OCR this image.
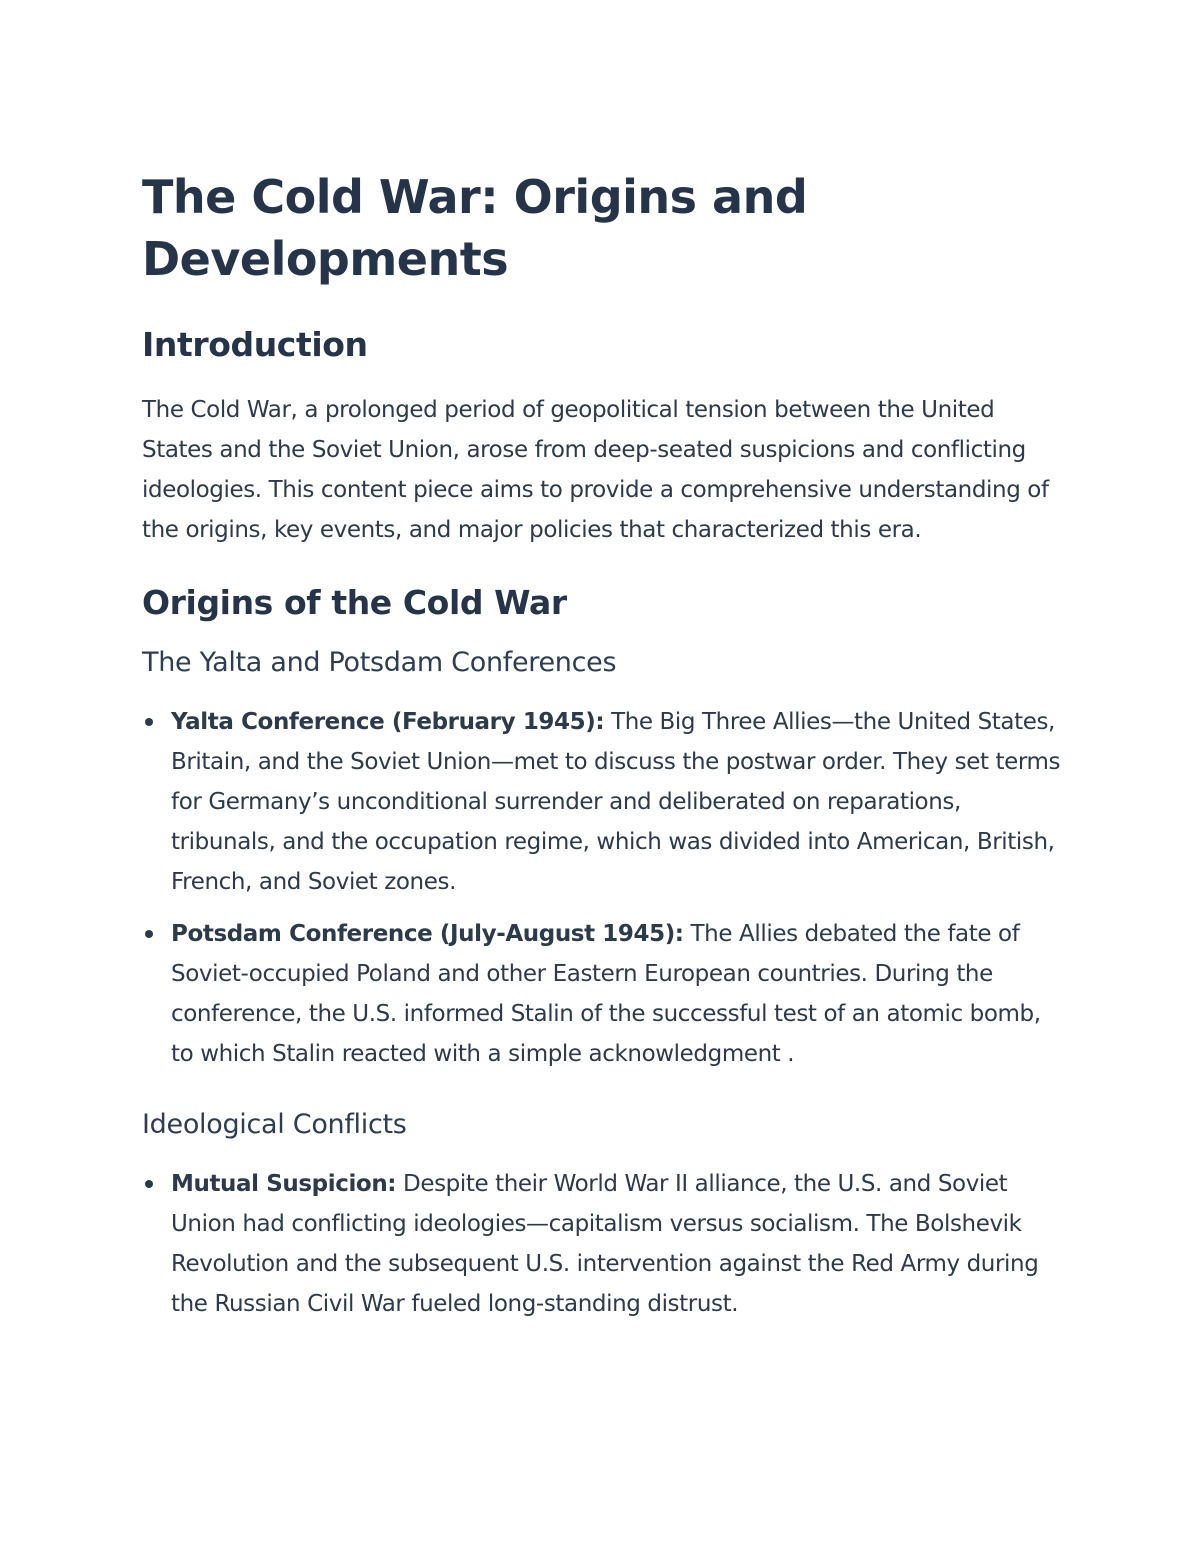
The Cold War: Origins and Developments
Introduction

The Cold War, a prolonged period of geopolitical tension between the United States and the Soviet Union, arose from deep-seated suspicions and conflicting ideologies. This content piece aims to provide a comprehensive understanding of the origins, key events, and major policies that characterized this era.

Origins of the Cold War
The Yalta and Potsdam Conferences
Yalta Conference (February 1945): The Big Three Allies—the United States, Britain, and the Soviet Union—met to discuss the postwar order. They set terms for Germany’s unconditional surrender and deliberated on reparations, tribunals, and the occupation regime, which was divided into American, British, French, and Soviet zones.
Potsdam Conference (July-August 1945): The Allies debated the fate of Soviet-occupied Poland and other Eastern European countries. During the conference, the U.S. informed Stalin of the successful test of an atomic bomb, to which Stalin reacted with a simple acknowledgment .
Ideological Conflicts
Mutual Suspicion: Despite their World War II alliance, the U.S. and Soviet Union had conflicting ideologies—capitalism versus socialism. The Bolshevik Revolution and the subsequent U.S. intervention against the Red Army during the Russian Civil War fueled long-standing distrust.
